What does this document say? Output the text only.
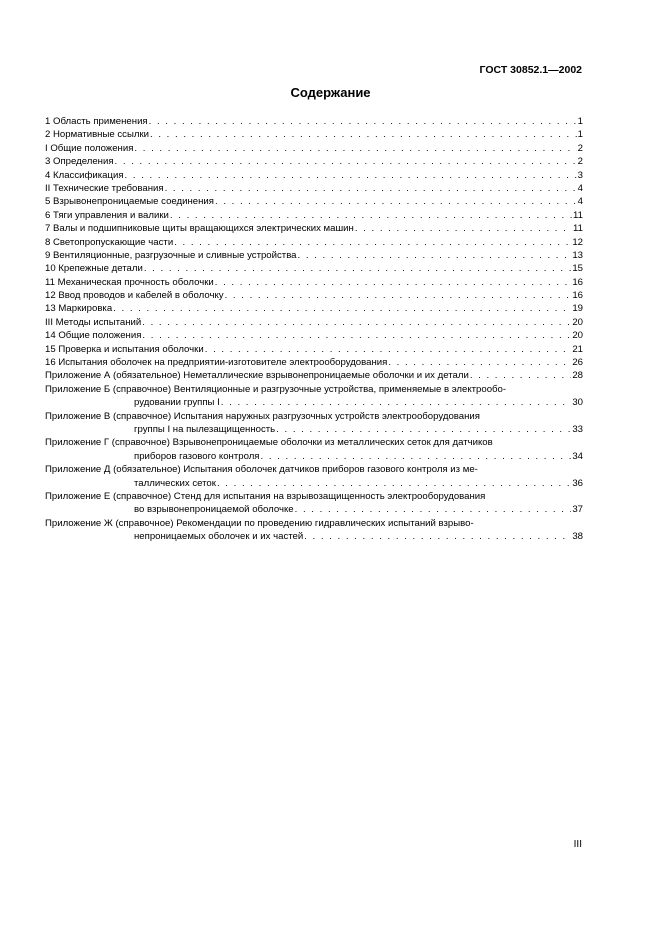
ГОСТ 30852.1—2002
Содержание
1 Область применения . . .	1
2 Нормативные ссылки . . .	1
I Общие положения . . .	2
3 Определения . . .	2
4 Классификация . . .	3
II Технические требования . . .	4
5 Взрывонепроницаемые соединения . . .	4
6 Тяги управления и валики . . .	11
7 Валы и подшипниковые щиты вращающихся электрических машин . . .	11
8 Светопропускающие части . . .	12
9 Вентиляционные, разгрузочные и сливные устройства . . .	13
10 Крепежные детали . . .	15
11 Механическая прочность оболочки . . .	16
12 Ввод проводов и кабелей в оболочку . . .	16
13 Маркировка . . .	19
III Методы испытаний . . .	20
14 Общие положения . . .	20
15 Проверка и испытания оболочки . . .	21
16 Испытания оболочек на предприятии-изготовителе электрооборудования . . .	26
Приложение А (обязательное) Неметаллические взрывонепроницаемые оболочки и их детали . . .	28
Приложение Б (справочное) Вентиляционные и разгрузочные устройства, применяемые в электрообо-
рудовании группы I . . .	30
Приложение В (справочное) Испытания наружных разгрузочных устройств электрооборудования
группы I на пылезащищенность . . .	33
Приложение Г (справочное) Взрывонепроницаемые оболочки из металлических сеток для датчиков
приборов газового контроля . . .	34
Приложение Д (обязательное) Испытания оболочек датчиков приборов газового контроля из ме-
таллических сеток . . .	36
Приложение Е (справочное) Стенд для испытания на взрывозащищенность электрооборудования
во взрывонепроницаемой оболочке . . .	37
Приложение Ж (справочное) Рекомендации по проведению гидравлических испытаний взрыво-
непроницаемых оболочек и их частей . . .	38
III
